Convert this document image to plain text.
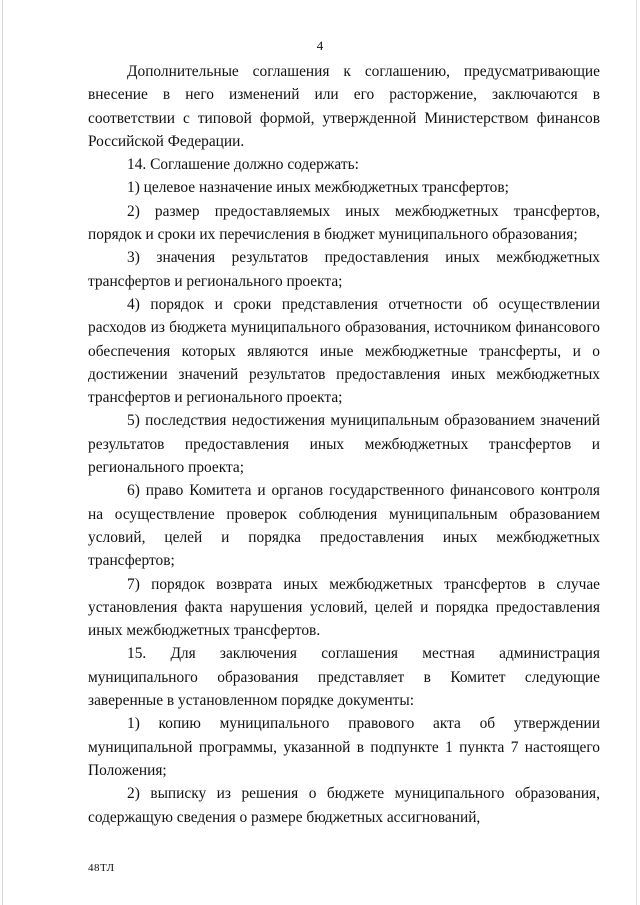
4

Дополнительные соглашения к соглашению, предусматривающие внесение в него изменений или его расторжение, заключаются в соответствии с типовой формой, утвержденной Министерством финансов Российской Федерации.

14. Соглашение должно содержать:

1) целевое назначение иных межбюджетных трансфертов;

2) размер предоставляемых иных межбюджетных трансфертов, порядок и сроки их перечисления в бюджет муниципального образования;

3) значения результатов предоставления иных межбюджетных трансфертов и регионального проекта;

4) порядок и сроки представления отчетности об осуществлении расходов из бюджета муниципального образования, источником финансового обеспечения которых являются иные межбюджетные трансферты, и о достижении значений результатов предоставления иных межбюджетных трансфертов и регионального проекта;

5) последствия недостижения муниципальным образованием значений результатов предоставления иных межбюджетных трансфертов и регионального проекта;

6) право Комитета и органов государственного финансового контроля на осуществление проверок соблюдения муниципальным образованием условий, целей и порядка предоставления иных межбюджетных трансфертов;

7) порядок возврата иных межбюджетных трансфертов в случае установления факта нарушения условий, целей и порядка предоставления иных межбюджетных трансфертов.

15. Для заключения соглашения местная администрация муниципального образования представляет в Комитет следующие заверенные в установленном порядке документы:

1) копию муниципального правового акта об утверждении муниципальной программы, указанной в подпункте 1 пункта 7 настоящего Положения;

2) выписку из решения о бюджете муниципального образования, содержащую сведения о размере бюджетных ассигнований,

48ТЛ
